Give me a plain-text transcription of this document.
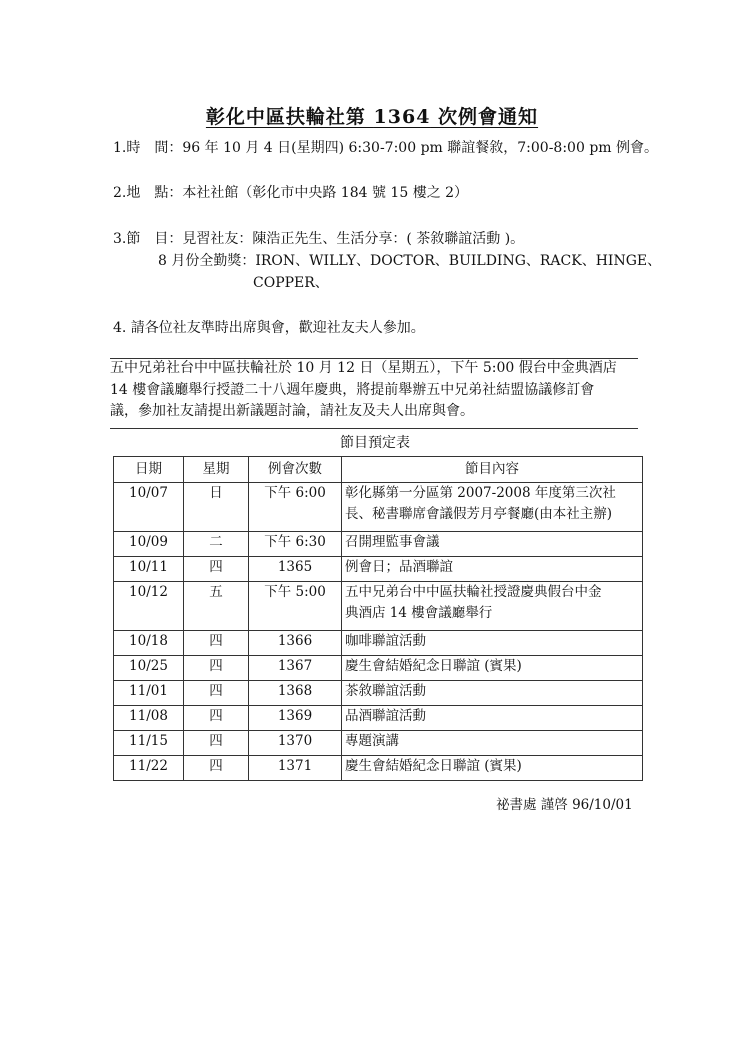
彰化中區扶輪社第 1364 次例會通知
1.時　間：96 年 10 月 4 日(星期四) 6:30-7:00 pm 聯誼餐敘，7:00-8:00 pm 例會。
2.地　點：本社社館（彰化市中央路 184 號 15 樓之 2）
3.節　目：見習社友：陳浩正先生、生活分享：( 茶敘聯誼活動 )。
8 月份全勤獎：IRON、WILLY、DOCTOR、BUILDING、RACK、HINGE、
COPPER、
4. 請各位社友準時出席與會，歡迎社友夫人參加。
五中兄弟社台中中區扶輪社於 10 月 12 日（星期五），下午 5:00 假台中金典酒店
14 樓會議廳舉行授證二十八週年慶典，將提前舉辦五中兄弟社結盟協議修訂會
議，參加社友請提出新議題討論，請社友及夫人出席與會。
節目預定表
日期	星期	例會次數	節目內容
10/07	日	下午 6:00	彰化縣第一分區第 2007-2008 年度第三次社
長、秘書聯席會議假芳月亭餐廳(由本社主辦)

10/09	二	下午 6:30	召開理監事會議
10/11	四	1365	例會日；品酒聯誼
10/12	五	下午 5:00	五中兄弟台中中區扶輪社授證慶典假台中金
典酒店 14 樓會議廳舉行

10/18	四	1366	咖啡聯誼活動
10/25	四	1367	慶生會結婚紀念日聯誼 (賓果)
11/01	四	1368	茶敘聯誼活動
11/08	四	1369	品酒聯誼活動
11/15	四	1370	專題演講
11/22	四	1371	慶生會結婚紀念日聯誼 (賓果)
祕書處 謹啓 96/10/01
